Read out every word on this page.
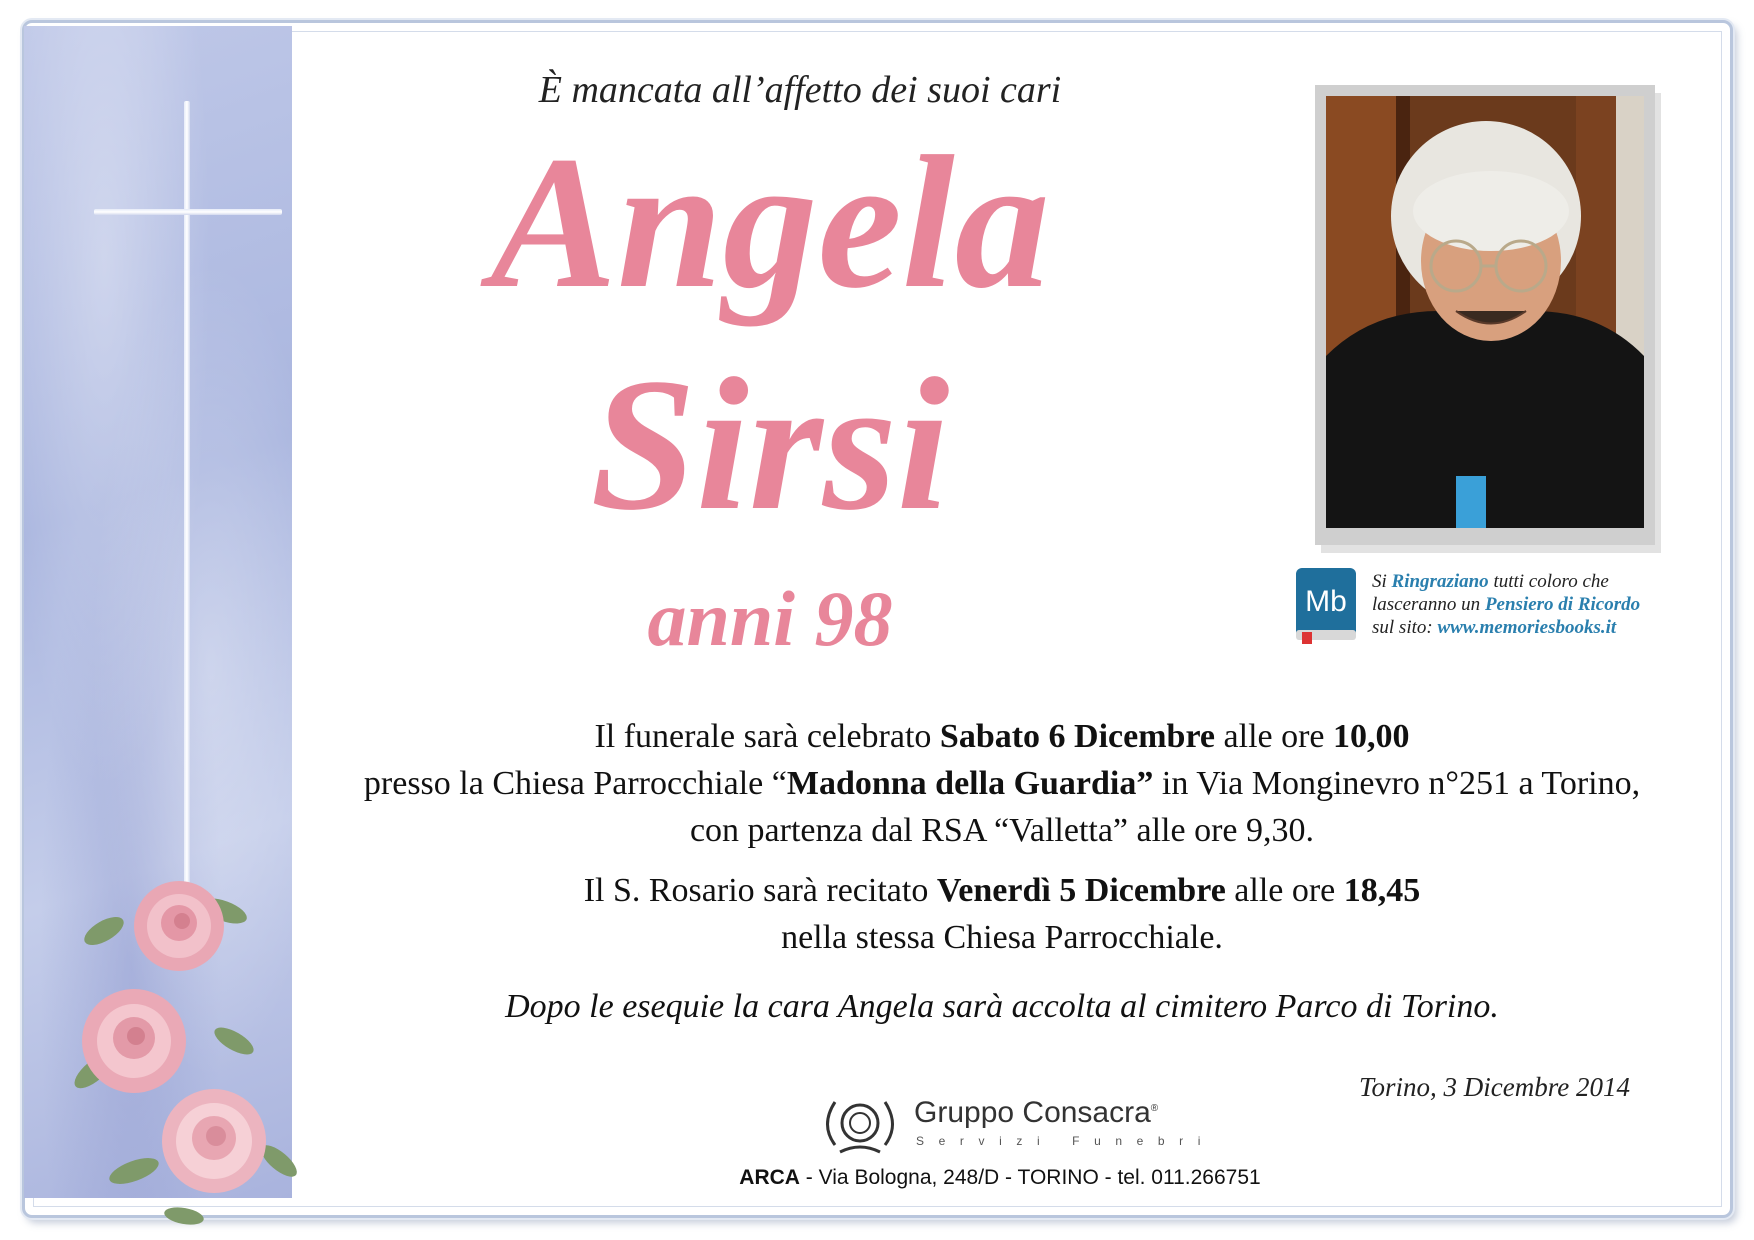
È mancata all’affetto dei suoi cari
Angela
Sirsi
anni 98	Mb
Si Ringraziano tutti coloro che
lasceranno un Pensiero di Ricordo
sul sito: www.memoriesbooks.it
Il funerale sarà celebrato Sabato 6 Dicembre alle ore 10,00
presso la Chiesa Parrocchiale “Madonna della Guardia” in Via Monginevro n°251 a Torino,
con partenza dal RSA “Valletta” alle ore 9,30.
Il S. Rosario sarà recitato Venerdì 5 Dicembre alle ore 18,45
nella stessa Chiesa Parrocchiale.
Dopo le esequie la cara Angela sarà accolta al cimitero Parco di Torino.
Torino, 3 Dicembre 2014
Gruppo Consacra®
Servizi Funebri
ARCA - Via Bologna, 248/D - TORINO - tel. 011.266751
